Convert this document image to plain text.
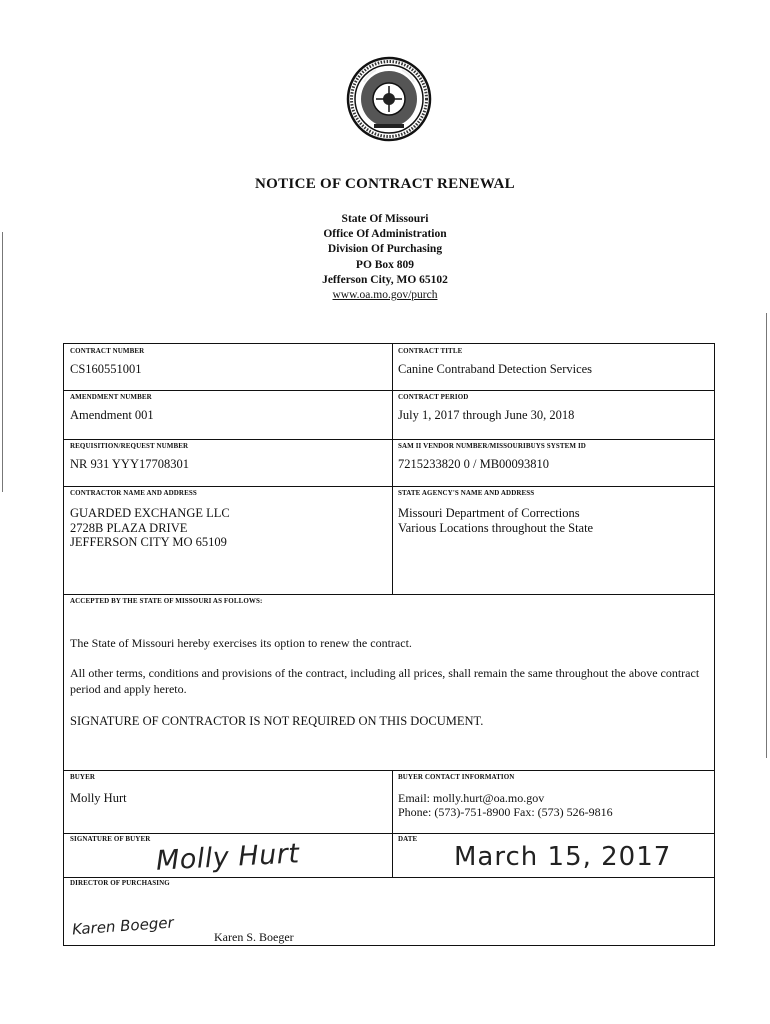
NOTICE OF CONTRACT RENEWAL
State Of Missouri
Office Of Administration
Division Of Purchasing
PO Box 809
Jefferson City, MO 65102
www.oa.mo.gov/purch
CONTRACT NUMBER
CS160551001
CONTRACT TITLE
Canine Contraband Detection Services
AMENDMENT NUMBER
Amendment 001
CONTRACT PERIOD
July 1, 2017 through June 30, 2018
REQUISITION/REQUEST NUMBER
NR 931 YYY17708301
SAM II VENDOR NUMBER/MISSOURIBUYS SYSTEM ID
7215233820 0 / MB00093810
CONTRACTOR NAME AND ADDRESS
GUARDED EXCHANGE LLC
2728B PLAZA DRIVE
JEFFERSON CITY MO 65109
STATE AGENCY'S NAME AND ADDRESS
Missouri Department of Corrections
Various Locations throughout the State
ACCEPTED BY THE STATE OF MISSOURI AS FOLLOWS:
The State of Missouri hereby exercises its option to renew the contract.
All other terms, conditions and provisions of the contract, including all prices, shall remain the same throughout the above contract period and apply hereto.
SIGNATURE OF CONTRACTOR IS NOT REQUIRED ON THIS DOCUMENT.
BUYER
Molly Hurt
BUYER CONTACT INFORMATION
Email: molly.hurt@oa.mo.gov
Phone: (573)-751-8900 Fax: (573) 526-9816
SIGNATURE OF BUYER Molly Hurt	DATE
March 15, 2017
DIRECTOR OF PURCHASING
Karen Boeger	Karen S. Boeger
